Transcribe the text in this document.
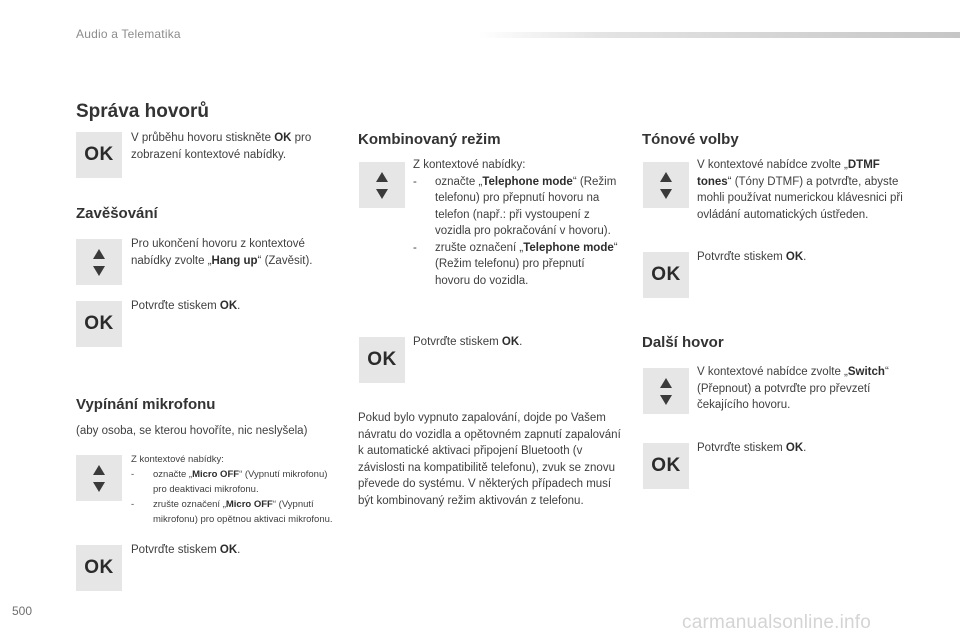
Audio a Telematika
Správa hovorů
OK
V průběhu hovoru stiskněte OK pro zobrazení kontextové nabídky.
Zavěšování
Pro ukončení hovoru z kontextové nabídky zvolte „Hang up“ (Zavěsit).
OK
Potvrďte stiskem OK.
Vypínání mikrofonu
(aby osoba, se kterou hovoříte, nic neslyšela)
Z kontextové nabídky:
-	označte „Micro OFF“ (Vypnutí mikrofonu) pro deaktivaci mikrofonu.
-	zrušte označení „Micro OFF“ (Vypnutí mikrofonu) pro opětnou aktivaci mikrofonu.
OK
Potvrďte stiskem OK.
Kombinovaný režim
Z kontextové nabídky:
-	označte „Telephone mode“ (Režim telefonu) pro přepnutí hovoru na telefon (např.: při vystoupení z vozidla pro pokračování v hovoru).
-	zrušte označení „Telephone mode“ (Režim telefonu) pro přepnutí hovoru do vozidla.
OK
Potvrďte stiskem OK.
Pokud bylo vypnuto zapalování, dojde po Vašem návratu do vozidla a opětovném zapnutí zapalování k automatické aktivaci připojení Bluetooth (v závislosti na kompatibilitě telefonu), zvuk se znovu převede do systému. V některých případech musí být kombinovaný režim aktivován z telefonu.
Tónové volby
V kontextové nabídce zvolte „DTMF tones“ (Tóny DTMF) a potvrďte, abyste mohli používat numerickou klávesnici při ovládání automatických ústředen.
OK
Potvrďte stiskem OK.
Další hovor
V kontextové nabídce zvolte „Switch“ (Přepnout) a potvrďte pro převzetí čekajícího hovoru.
OK
Potvrďte stiskem OK.
500
carmanualsonline.info
